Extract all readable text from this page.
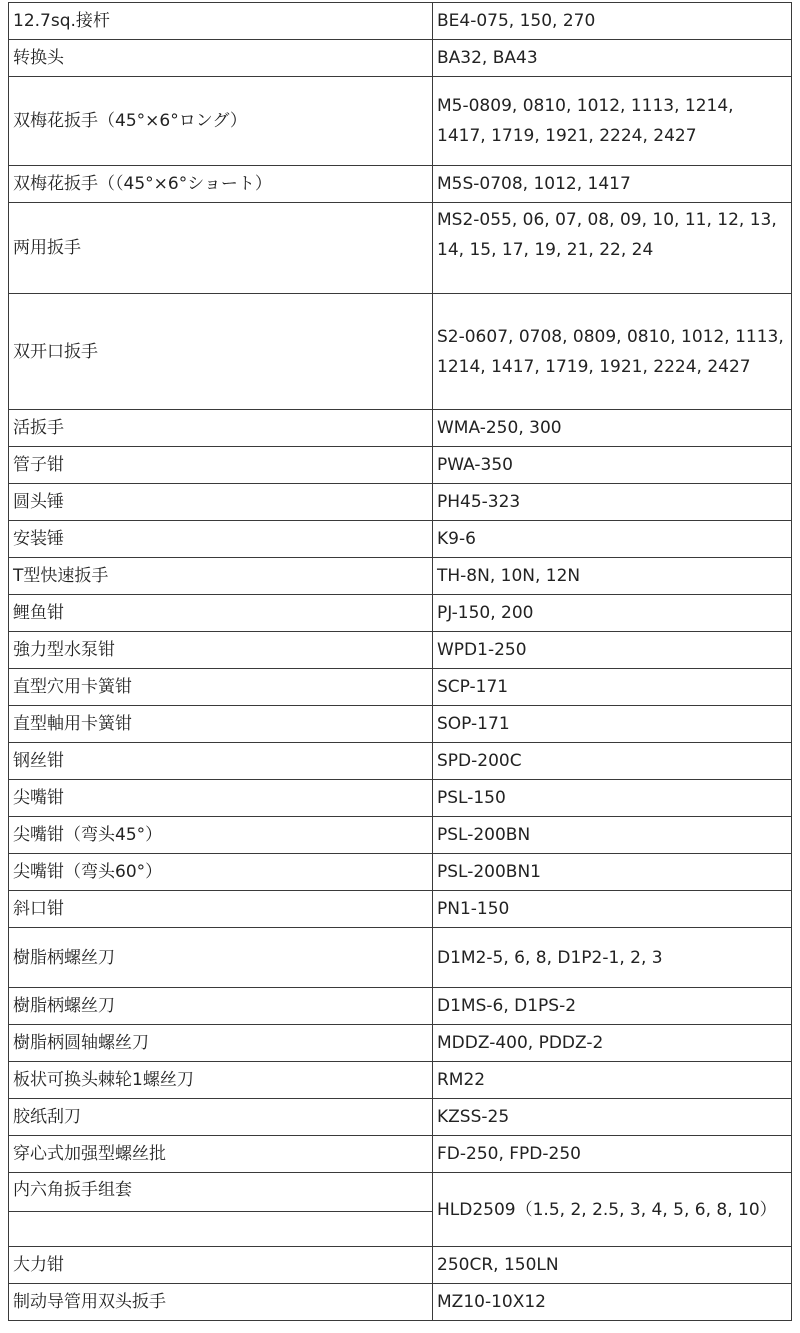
12.7sq.接杆	BE4-075, 150, 270
转换头	BA32, BA43
双梅花扳手（45°×6°ロング）	M5-0809, 0810, 1012, 1113, 1214, 1417, 1719, 1921, 2224, 2427
双梅花扳手（（45°×6°ショート）	M5S-0708, 1012, 1417
两用扳手	MS2-055, 06, 07, 08, 09, 10, 11, 12, 13, 14, 15, 17, 19, 21, 22, 24
双开口扳手	S2-0607, 0708, 0809, 0810, 1012, 1113, 1214, 1417, 1719, 1921, 2224, 2427
活扳手	WMA-250, 300
管子钳	PWA-350
圆头锤	PH45-323
安装锤	K9-6
T型快速扳手	TH-8N, 10N, 12N
鲤鱼钳	PJ-150, 200
強力型水泵钳	WPD1-250
直型穴用卡簧钳	SCP-171
直型軸用卡簧钳	SOP-171
钢丝钳	SPD-200C
尖嘴钳	PSL-150
尖嘴钳（弯头45°）	PSL-200BN
尖嘴钳（弯头60°）	PSL-200BN1
斜口钳	PN1-150
樹脂柄螺丝刀	D1M2-5, 6, 8, D1P2-1, 2, 3
樹脂柄螺丝刀	D1MS-6, D1PS-2
樹脂柄圆轴螺丝刀	MDDZ-400, PDDZ-2
板状可换头棘轮1螺丝刀	RM22
胶纸刮刀	KZSS-25
穿心式加强型螺丝批	FD-250, FPD-250
内六角扳手组套	HLD2509（1.5, 2, 2.5, 3, 4, 5, 6, 8, 10）

大力钳	250CR, 150LN
制动导管用双头扳手	MZ10-10X12
